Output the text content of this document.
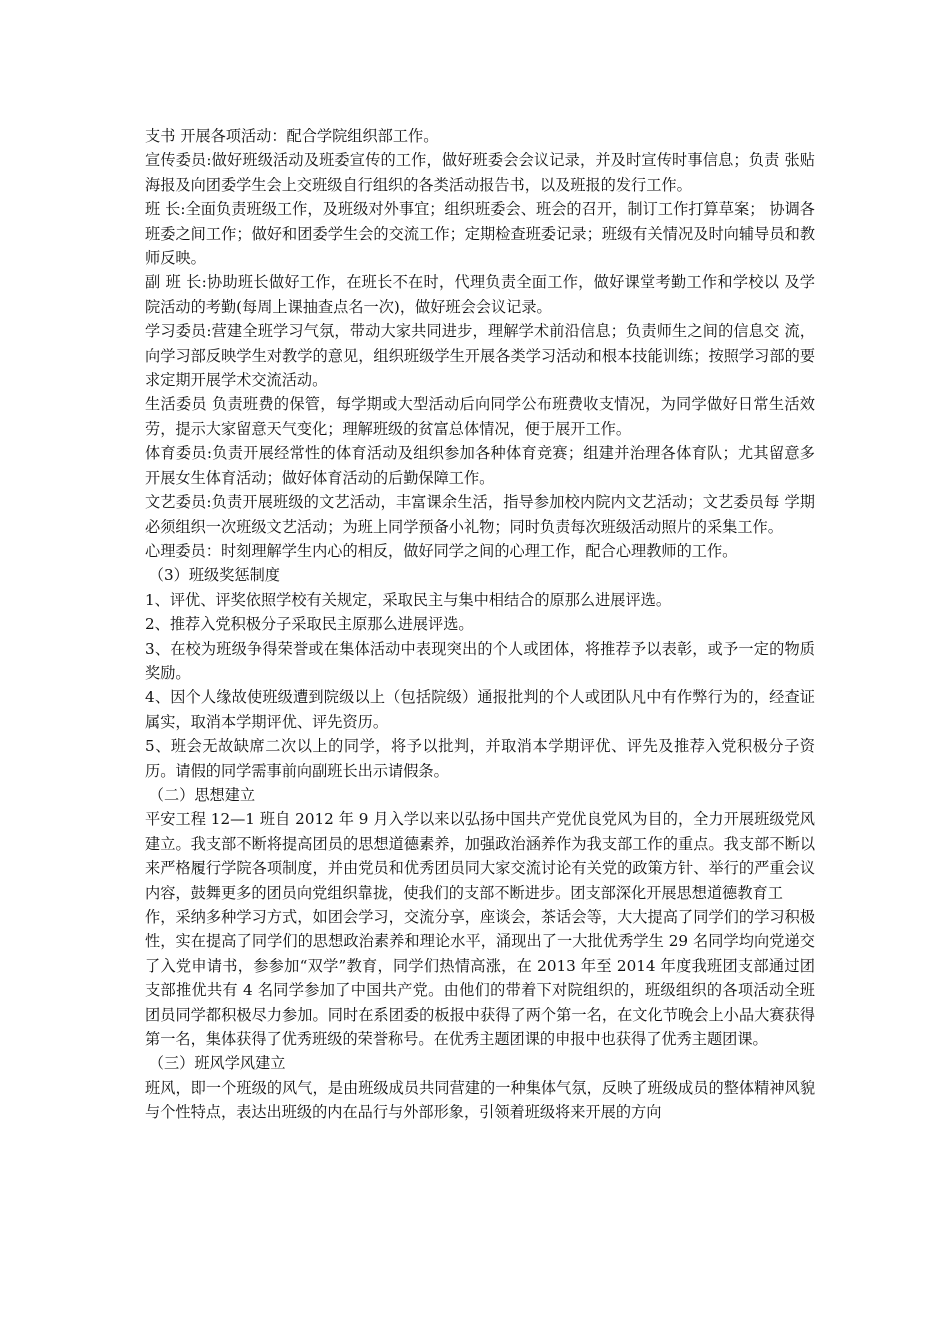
支书 开展各项活动：配合学院组织部工作。

宣传委员:做好班级活动及班委宣传的工作，做好班委会会议记录，并及时宣传时事信息；负责 张贴海报及向团委学生会上交班级自行组织的各类活动报告书，以及班报的发行工作。

班 长:全面负责班级工作，及班级对外事宜；组织班委会、班会的召开，制订工作打算草案； 协调各班委之间工作；做好和团委学生会的交流工作；定期检查班委记录；班级有关情况及时向辅导员和教师反映。

副 班 长:协助班长做好工作，在班长不在时，代理负责全面工作，做好课堂考勤工作和学校以 及学院活动的考勤(每周上课抽查点名一次)，做好班会会议记录。

学习委员:营建全班学习气氛，带动大家共同进步，理解学术前沿信息；负责师生之间的信息交 流，向学习部反映学生对教学的意见，组织班级学生开展各类学习活动和根本技能训练；按照学习部的要求定期开展学术交流活动。

生活委员 负责班费的保管，每学期或大型活动后向同学公布班费收支情况，为同学做好日常生活效劳，提示大家留意天气变化；理解班级的贫富总体情况，便于展开工作。

体育委员:负责开展经常性的体育活动及组织参加各种体育竞赛；组建并治理各体育队；尤其留意多开展女生体育活动；做好体育活动的后勤保障工作。

文艺委员:负责开展班级的文艺活动，丰富课余生活，指导参加校内院内文艺活动；文艺委员每 学期必须组织一次班级文艺活动；为班上同学预备小礼物；同时负责每次班级活动照片的采集工作。

心理委员：时刻理解学生内心的相反，做好同学之间的心理工作，配合心理教师的工作。

（3）班级奖惩制度

1、评优、评奖依照学校有关规定，采取民主与集中相结合的原那么进展评选。

2、推荐入党积极分子采取民主原那么进展评选。

3、在校为班级争得荣誉或在集体活动中表现突出的个人或团体，将推荐予以表彰，或予一定的物质奖励。

4、因个人缘故使班级遭到院级以上（包括院级）通报批判的个人或团队凡中有作弊行为的，经查证属实，取消本学期评优、评先资历。

5、班会无故缺席二次以上的同学，将予以批判，并取消本学期评优、评先及推荐入党积极分子资历。请假的同学需事前向副班长出示请假条。

（二）思想建立

平安工程 12—1 班自 2012 年 9 月入学以来以弘扬中国共产党优良党风为目的，全力开展班级党风建立。我支部不断将提高团员的思想道德素养，加强政治涵养作为我支部工作的重点。我支部不断以来严格履行学院各项制度，并由党员和优秀团员同大家交流讨论有关党的政策方针、举行的严重会议内容，鼓舞更多的团员向党组织靠拢，使我们的支部不断进步。团支部深化开展思想道德教育工

作，采纳多种学习方式，如团会学习，交流分享，座谈会，茶话会等，大大提高了同学们的学习积极性，实在提高了同学们的思想政治素养和理论水平，涌现出了一大批优秀学生 29 名同学均向党递交了入党申请书，参参加“双学”教育，同学们热情高涨，在 2013 年至 2014 年度我班团支部通过团支部推优共有 4 名同学参加了中国共产党。由他们的带着下对院组织的，班级组织的各项活动全班团员同学都积极尽力参加。同时在系团委的板报中获得了两个第一名，在文化节晚会上小品大赛获得第一名，集体获得了优秀班级的荣誉称号。在优秀主题团课的申报中也获得了优秀主题团课。

（三）班风学风建立

班风，即一个班级的风气，是由班级成员共同营建的一种集体气氛，反映了班级成员的整体精神风貌与个性特点，表达出班级的内在品行与外部形象，引领着班级将来开展的方向
